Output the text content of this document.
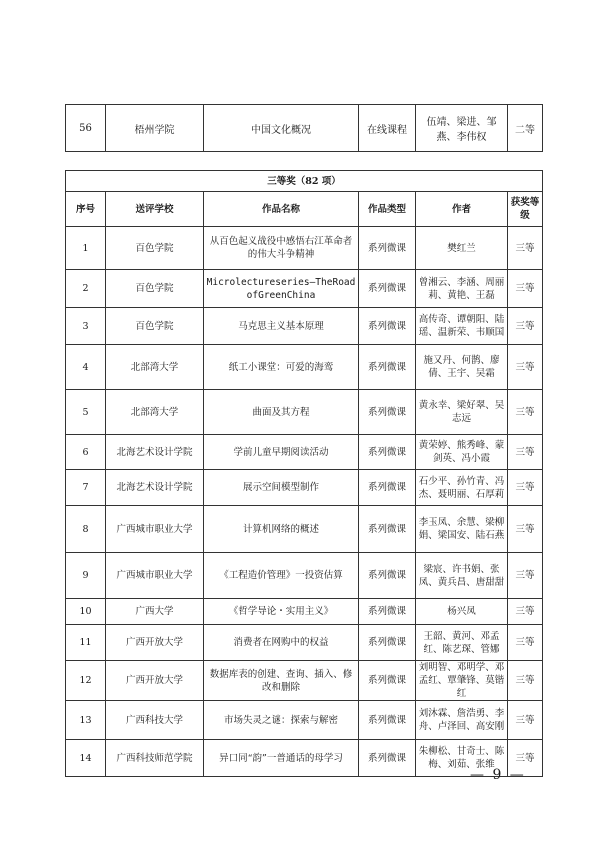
56	梧州学院	中国文化概况	在线课程	伍靖、梁进、邹燕、李伟权	二等
三等奖（82 项）					
序号	送评学校	作品名称	作品类型	作者	获奖等级
1	百色学院	从百色起义战役中感悟右江革命者的伟大斗争精神	系列微课	樊红兰	三等
2	百色学院	Microlectureseries—TheRoadofGreenChina	系列微课	曾湘云、李涵、周丽莉、黄艳、王磊	三等
3	百色学院	马克思主义基本原理	系列微课	高传奇、谭朝阳、陆瑶、温新荣、韦顺国	三等
4	北部湾大学	纸工小课堂：可爱的海鸾	系列微课	施又丹、何鹊、廖倩、王宇、吴霜	三等
5	北部湾大学	曲面及其方程	系列微课	黄永幸、梁好翠、吴志远	三等
6	北海艺术设计学院	学前儿童早期阅读活动	系列微课	黄荣婷、熊秀峰、蒙剑英、冯小霞	三等
7	北海艺术设计学院	展示空间模型制作	系列微课	石少平、孙竹青、冯杰、聂明丽、石厚莉	三等
8	广西城市职业大学	计算机网络的概述	系列微课	李玉凤、余慧、梁柳娟、梁国安、陆石燕	三等
9	广西城市职业大学	《工程造价管理》一投资估算	系列微课	梁宸、许书娟、张凤、黄兵昌、唐甜甜	三等
10	广西大学	《哲学导论・实用主义》	系列微课	杨兴凤	三等
11	广西开放大学	消费者在网购中的权益	系列微课	王韶、黄河、邓孟红、陈艺琛、管娜	三等
12	广西开放大学	数据库表的创建、查询、插入、修改和删除	系列微课	刘明智、邓明学、邓孟红、覃肇锋、莫锴红	三等
13	广西科技大学	市场失灵之谜：探索与解密	系列微课	刘沐霖、詹浩勇、李舟、卢泽回、高安刚	三等
14	广西科技师范学院	异口同“韵”一普通话的母学习	系列微课	朱柳松、甘奇士、陈梅、刘茹、张维	三等
— 9 —
